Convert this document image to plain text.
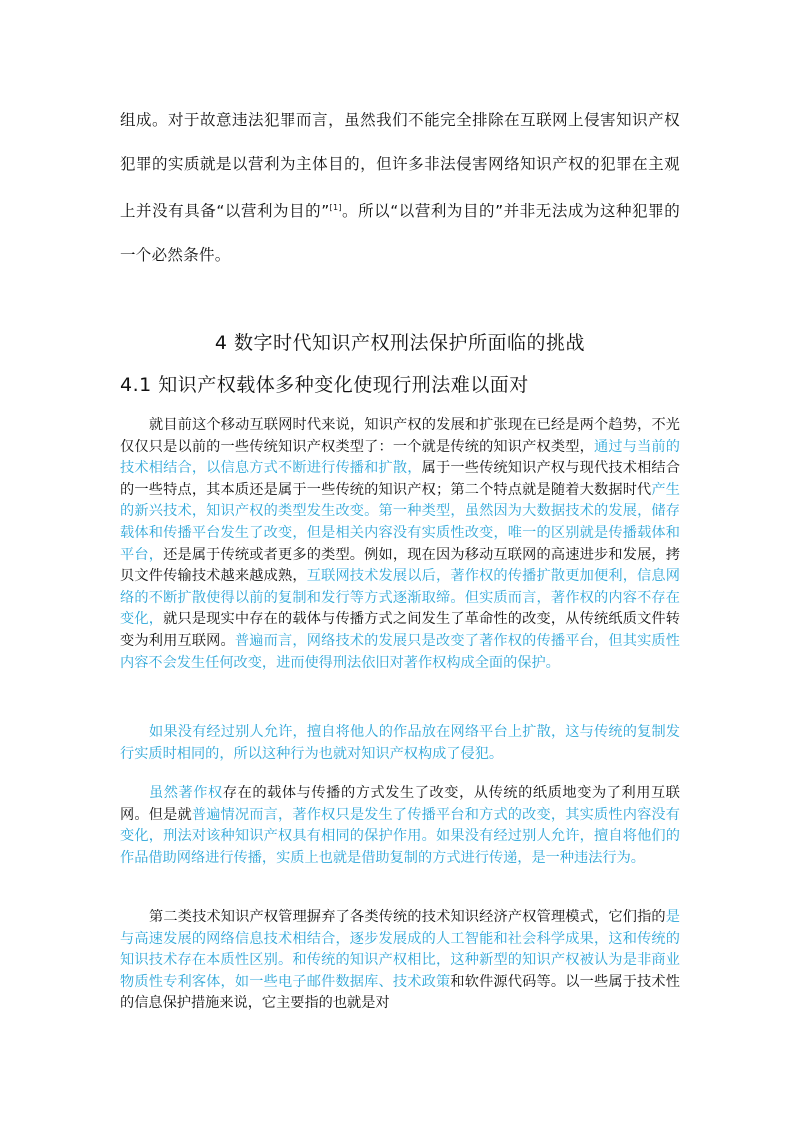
组成。对于故意违法犯罪而言，虽然我们不能完全排除在互联网上侵害知识产权犯罪的实质就是以营利为主体目的，但许多非法侵害网络知识产权的犯罪在主观上并没有具备“以营利为目的”[1]。所以“以营利为目的”并非无法成为这种犯罪的一个必然条件。

4 数字时代知识产权刑法保护所面临的挑战
4.1 知识产权载体多种变化使现行刑法难以面对

就目前这个移动互联网时代来说，知识产权的发展和扩张现在已经是两个趋势，不光仅仅只是以前的一些传统知识产权类型了：一个就是传统的知识产权类型，通过与当前的技术相结合，以信息方式不断进行传播和扩散，属于一些传统知识产权与现代技术相结合的一些特点，其本质还是属于一些传统的知识产权；第二个特点就是随着大数据时代产生的新兴技术，知识产权的类型发生改变。第一种类型，虽然因为大数据技术的发展，储存载体和传播平台发生了改变，但是相关内容没有实质性改变，唯一的区别就是传播载体和平台，还是属于传统或者更多的类型。例如，现在因为移动互联网的高速进步和发展，拷贝文件传输技术越来越成熟，互联网技术发展以后，著作权的传播扩散更加便利，信息网络的不断扩散使得以前的复制和发行等方式逐渐取缔。但实质而言，著作权的内容不存在变化，就只是现实中存在的载体与传播方式之间发生了革命性的改变，从传统纸质文件转变为利用互联网。普遍而言，网络技术的发展只是改变了著作权的传播平台，但其实质性内容不会发生任何改变，进而使得刑法依旧对著作权构成全面的保护。

如果没有经过别人允许，擅自将他人的作品放在网络平台上扩散，这与传统的复制发行实质时相同的，所以这种行为也就对知识产权构成了侵犯。

虽然著作权存在的载体与传播的方式发生了改变，从传统的纸质地变为了利用互联网。但是就普遍情况而言，著作权只是发生了传播平台和方式的改变，其实质性内容没有变化，刑法对该种知识产权具有相同的保护作用。如果没有经过别人允许，擅自将他们的作品借助网络进行传播，实质上也就是借助复制的方式进行传递，是一种违法行为。

第二类技术知识产权管理摒弃了各类传统的技术知识经济产权管理模式，它们指的是与高速发展的网络信息技术相结合，逐步发展成的人工智能和社会科学成果，这和传统的知识技术存在本质性区别。和传统的知识产权相比，这种新型的知识产权被认为是非商业物质性专利客体，如一些电子邮件数据库、技术政策和软件源代码等。以一些属于技术性的信息保护措施来说，它主要指的也就是对
